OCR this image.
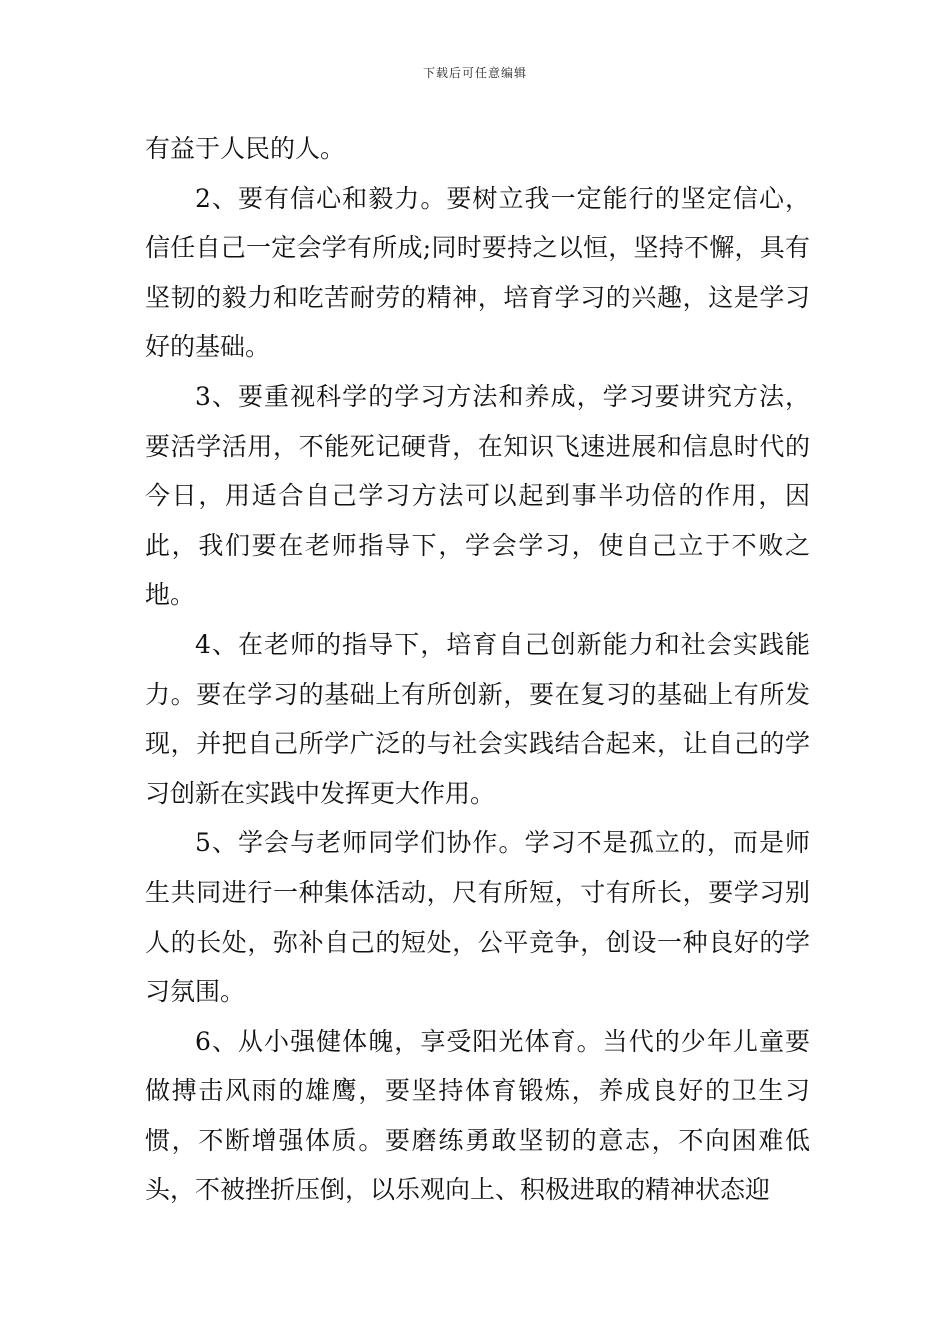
下载后可任意编辑

有益于人民的人。

2、要有信心和毅力。要树立我一定能行的坚定信心，信任自己一定会学有所成;同时要持之以恒，坚持不懈，具有坚韧的毅力和吃苦耐劳的精神，培育学习的兴趣，这是学习好的基础。

3、要重视科学的学习方法和养成，学习要讲究方法，要活学活用，不能死记硬背，在知识飞速进展和信息时代的今日，用适合自己学习方法可以起到事半功倍的作用，因此，我们要在老师指导下，学会学习，使自己立于不败之地。

4、在老师的指导下，培育自己创新能力和社会实践能力。要在学习的基础上有所创新，要在复习的基础上有所发现，并把自己所学广泛的与社会实践结合起来，让自己的学习创新在实践中发挥更大作用。

5、学会与老师同学们协作。学习不是孤立的，而是师生共同进行一种集体活动，尺有所短，寸有所长，要学习别人的长处，弥补自己的短处，公平竞争，创设一种良好的学习氛围。

6、从小强健体魄，享受阳光体育。当代的少年儿童要做搏击风雨的雄鹰，要坚持体育锻炼，养成良好的卫生习惯，不断增强体质。要磨练勇敢坚韧的意志，不向困难低头，不被挫折压倒，以乐观向上、积极进取的精神状态迎
